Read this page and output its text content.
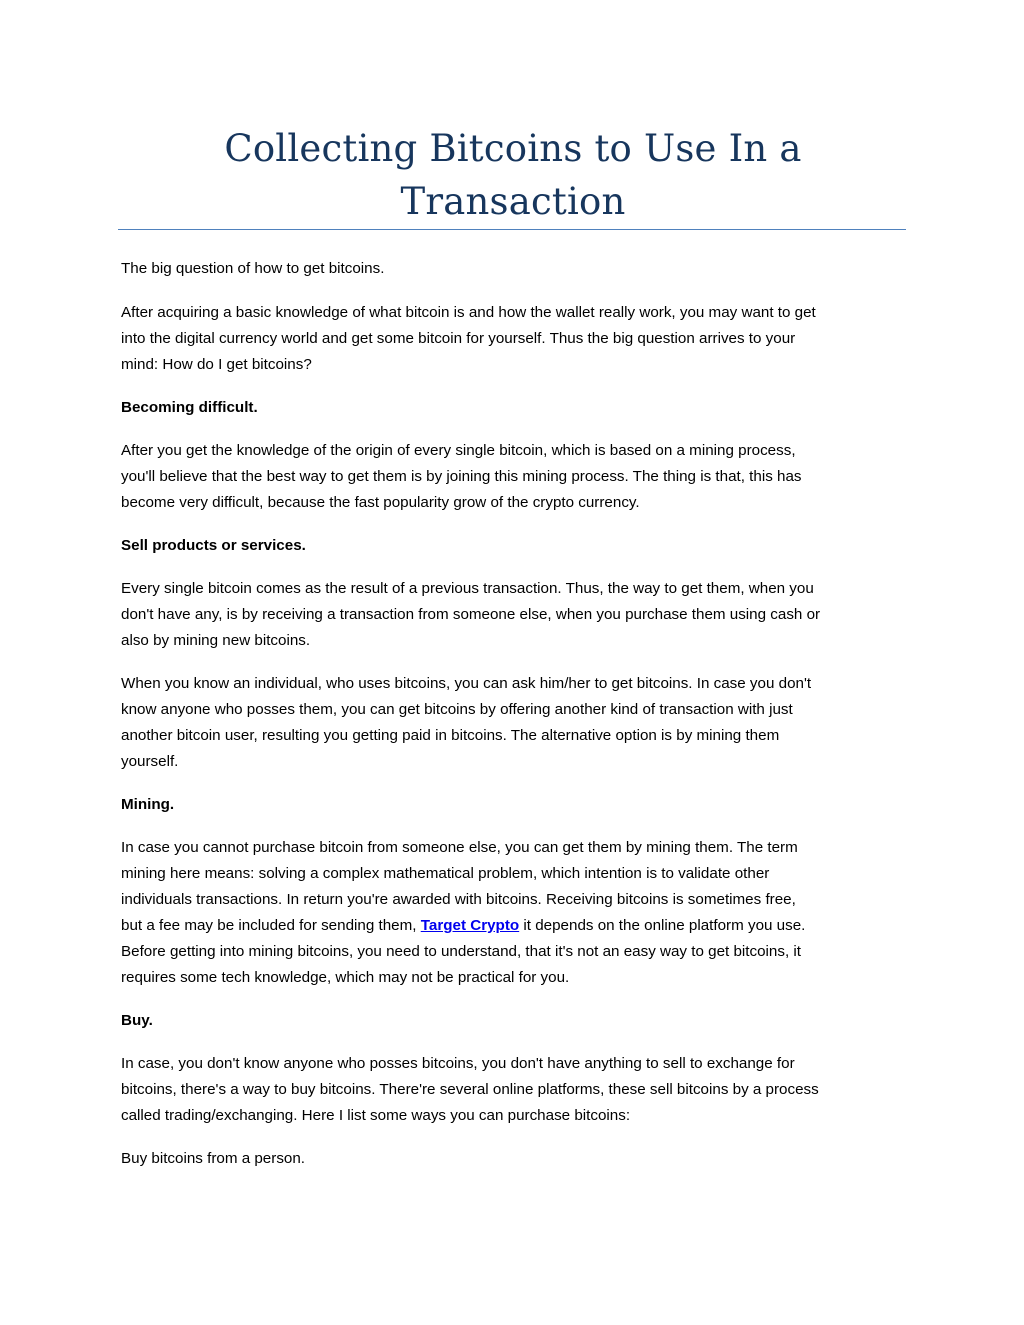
Collecting Bitcoins to Use In a Transaction

The big question of how to get bitcoins.

After acquiring a basic knowledge of what bitcoin is and how the wallet really work, you may want to get
into the digital currency world and get some bitcoin for yourself. Thus the big question arrives to your
mind: How do I get bitcoins?

Becoming difficult.

After you get the knowledge of the origin of every single bitcoin, which is based on a mining process,
you'll believe that the best way to get them is by joining this mining process. The thing is that, this has
become very difficult, because the fast popularity grow of the crypto currency.

Sell products or services.

Every single bitcoin comes as the result of a previous transaction. Thus, the way to get them, when you
don't have any, is by receiving a transaction from someone else, when you purchase them using cash or
also by mining new bitcoins.

When you know an individual, who uses bitcoins, you can ask him/her to get bitcoins. In case you don't
know anyone who posses them, you can get bitcoins by offering another kind of transaction with just
another bitcoin user, resulting you getting paid in bitcoins. The alternative option is by mining them
yourself.

Mining.

In case you cannot purchase bitcoin from someone else, you can get them by mining them. The term
mining here means: solving a complex mathematical problem, which intention is to validate other
individuals transactions. In return you're awarded with bitcoins. Receiving bitcoins is sometimes free,
but a fee may be included for sending them, Target Crypto it depends on the online platform you use.
Before getting into mining bitcoins, you need to understand, that it's not an easy way to get bitcoins, it
requires some tech knowledge, which may not be practical for you.

Buy.

In case, you don't know anyone who posses bitcoins, you don't have anything to sell to exchange for
bitcoins, there's a way to buy bitcoins. There're several online platforms, these sell bitcoins by a process
called trading/exchanging. Here I list some ways you can purchase bitcoins:

Buy bitcoins from a person.
